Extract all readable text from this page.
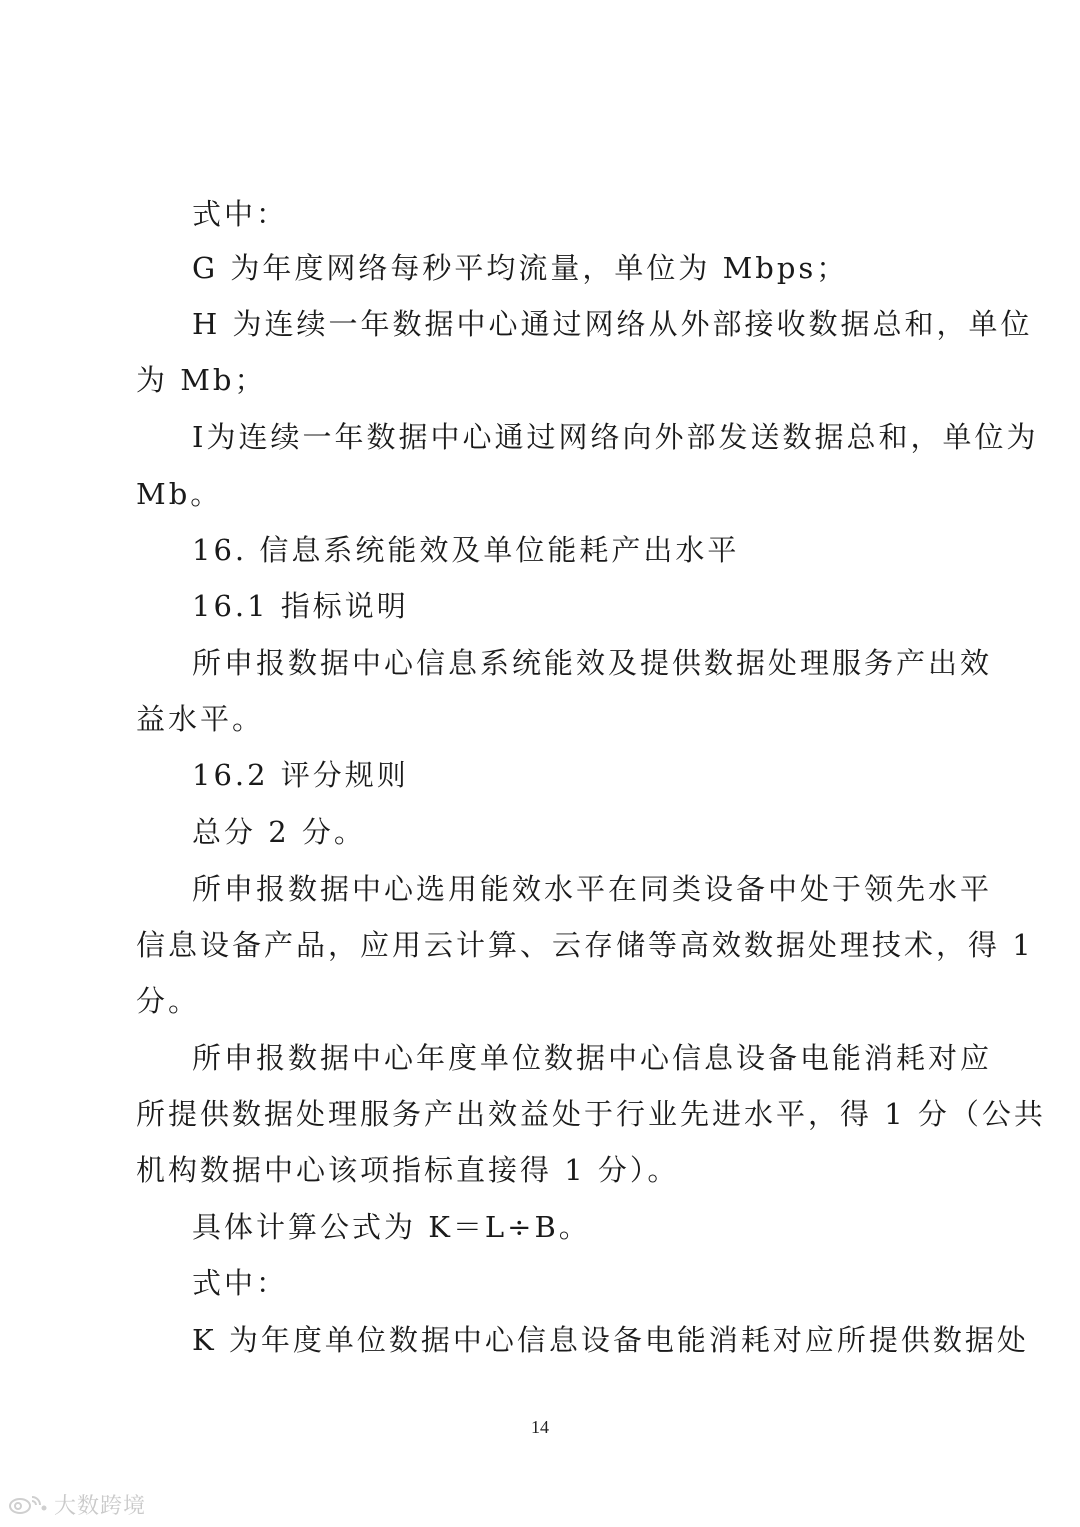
式中：
G 为年度网络每秒平均流量，单位为 Mbps；
H 为连续一年数据中心通过网络从外部接收数据总和，单位
为 Mb；
I为连续一年数据中心通过网络向外部发送数据总和，单位为
Mb。
16. 信息系统能效及单位能耗产出水平
16.1 指标说明
所申报数据中心信息系统能效及提供数据处理服务产出效
益水平。
16.2 评分规则
总分 2 分。
所申报数据中心选用能效水平在同类设备中处于领先水平
信息设备产品，应用云计算、云存储等高效数据处理技术，得 1
分。
所申报数据中心年度单位数据中心信息设备电能消耗对应
所提供数据处理服务产出效益处于行业先进水平，得 1 分（公共
机构数据中心该项指标直接得 1 分）。
具体计算公式为 K＝L÷B。
式中：
K 为年度单位数据中心信息设备电能消耗对应所提供数据处
14
大数跨境
